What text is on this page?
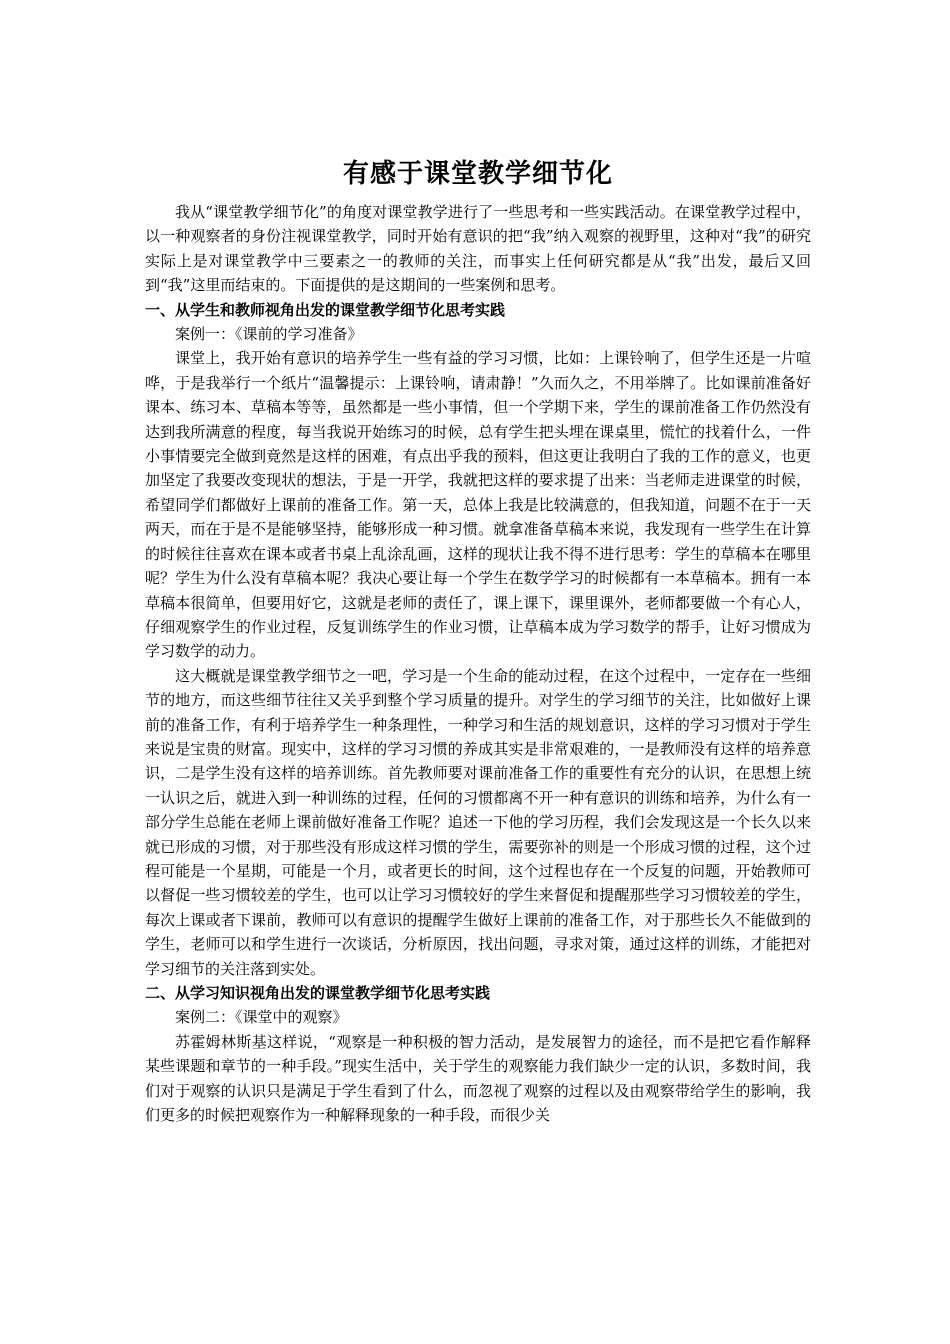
有感于课堂教学细节化

我从“课堂教学细节化”的角度对课堂教学进行了一些思考和一些实践活动。在课堂教学过程中，以一种观察者的身份注视课堂教学，同时开始有意识的把“我”纳入观察的视野里，这种对“我”的研究实际上是对课堂教学中三要素之一的教师的关注，而事实上任何研究都是从“我”出发，最后又回到“我”这里而结束的。下面提供的是这期间的一些案例和思考。

一、从学生和教师视角出发的课堂教学细节化思考实践

案例一：《课前的学习准备》

课堂上，我开始有意识的培养学生一些有益的学习习惯，比如：上课铃响了，但学生还是一片喧哗，于是我举行一个纸片“温馨提示：上课铃响，请肃静！”久而久之，不用举牌了。比如课前准备好课本、练习本、草稿本等等，虽然都是一些小事情，但一个学期下来，学生的课前准备工作仍然没有达到我所满意的程度，每当我说开始练习的时候，总有学生把头埋在课桌里，慌忙的找着什么，一件小事情要完全做到竟然是这样的困难，有点出乎我的预料，但这更让我明白了我的工作的意义，也更加坚定了我要改变现状的想法，于是一开学，我就把这样的要求提了出来：当老师走进课堂的时候，希望同学们都做好上课前的准备工作。第一天，总体上我是比较满意的，但我知道，问题不在于一天两天，而在于是不是能够坚持，能够形成一种习惯。就拿准备草稿本来说，我发现有一些学生在计算的时候往往喜欢在课本或者书桌上乱涂乱画，这样的现状让我不得不进行思考：学生的草稿本在哪里呢？学生为什么没有草稿本呢？我决心要让每一个学生在数学学习的时候都有一本草稿本。拥有一本草稿本很简单，但要用好它，这就是老师的责任了，课上课下，课里课外，老师都要做一个有心人，仔细观察学生的作业过程，反复训练学生的作业习惯，让草稿本成为学习数学的帮手，让好习惯成为学习数学的动力。

这大概就是课堂教学细节之一吧，学习是一个生命的能动过程，在这个过程中，一定存在一些细节的地方，而这些细节往往又关乎到整个学习质量的提升。对学生的学习细节的关注，比如做好上课前的准备工作，有利于培养学生一种条理性，一种学习和生活的规划意识，这样的学习习惯对于学生来说是宝贵的财富。现实中，这样的学习习惯的养成其实是非常艰难的，一是教师没有这样的培养意识，二是学生没有这样的培养训练。首先教师要对课前准备工作的重要性有充分的认识，在思想上统一认识之后，就进入到一种训练的过程，任何的习惯都离不开一种有意识的训练和培养，为什么有一部分学生总能在老师上课前做好准备工作呢？追述一下他的学习历程，我们会发现这是一个长久以来就已形成的习惯，对于那些没有形成这样习惯的学生，需要弥补的则是一个形成习惯的过程，这个过程可能是一个星期，可能是一个月，或者更长的时间，这个过程也存在一个反复的问题，开始教师可以督促一些习惯较差的学生，也可以让学习习惯较好的学生来督促和提醒那些学习习惯较差的学生，每次上课或者下课前，教师可以有意识的提醒学生做好上课前的准备工作，对于那些长久不能做到的学生，老师可以和学生进行一次谈话，分析原因，找出问题，寻求对策，通过这样的训练，才能把对学习细节的关注落到实处。

二、从学习知识视角出发的课堂教学细节化思考实践

案例二：《课堂中的观察》

苏霍姆林斯基这样说，“观察是一种积极的智力活动，是发展智力的途径，而不是把它看作解释某些课题和章节的一种手段。”现实生活中，关于学生的观察能力我们缺少一定的认识，多数时间，我们对于观察的认识只是满足于学生看到了什么，而忽视了观察的过程以及由观察带给学生的影响，我们更多的时候把观察作为一种解释现象的一种手段，而很少关
